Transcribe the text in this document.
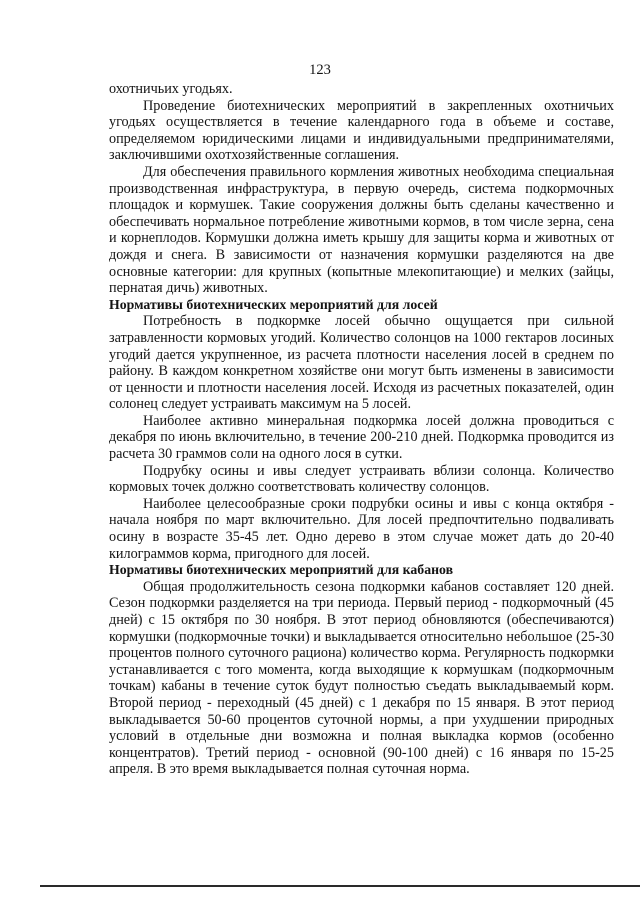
123

охотничьих угодьях.

Проведение биотехнических мероприятий в закрепленных охотничьих угодьях осуществляется в течение календарного года в объеме и составе, определяемом юридическими лицами и индивидуальными предпринимателями, заключившими охотхозяйственные соглашения.

Для обеспечения правильного кормления животных необходима специальная производственная инфраструктура, в первую очередь, система подкормочных площадок и кормушек. Такие сооружения должны быть сделаны качественно и обеспечивать нормальное потребление животными кормов, в том числе зерна, сена и корнеплодов. Кормушки должна иметь крышу для защиты корма и животных от дождя и снега. В зависимости от назначения кормушки разделяются на две основные категории: для крупных (копытные млекопитающие) и мелких (зайцы, пернатая дичь) животных.

Нормативы биотехнических мероприятий для лосей

Потребность в подкормке лосей обычно ощущается при сильной затравленности кормовых угодий. Количество солонцов на 1000 гектаров лосиных угодий дается укрупненное, из расчета плотности населения лосей в среднем по району. В каждом конкретном хозяйстве они могут быть изменены в зависимости от ценности и плотности населения лосей. Исходя из расчетных показателей, один солонец следует устраивать максимум на 5 лосей.

Наиболее активно минеральная подкормка лосей должна проводиться с декабря по июнь включительно, в течение 200-210 дней. Подкормка проводится из расчета 30 граммов соли на одного лося в сутки.

Подрубку осины и ивы следует устраивать вблизи солонца. Количество кормовых точек должно соответствовать количеству солонцов.

Наиболее целесообразные сроки подрубки осины и ивы с конца октября - начала ноября по март включительно. Для лосей предпочтительно подваливать осину в возрасте 35-45 лет. Одно дерево в этом случае может дать до 20-40 килограммов корма, пригодного для лосей.

Нормативы биотехнических мероприятий для кабанов

Общая продолжительность сезона подкормки кабанов составляет 120 дней. Сезон подкормки разделяется на три периода. Первый период - подкормочный (45 дней) с 15 октября по 30 ноября. В этот период обновляются (обеспечиваются) кормушки (подкормочные точки) и выкладывается относительно небольшое (25-30 процентов полного суточного рациона) количество корма. Регулярность подкормки устанавливается с того момента, когда выходящие к кормушкам (подкормочным точкам) кабаны в течение суток будут полностью съедать выкладываемый корм. Второй период - переходный (45 дней) с 1 декабря по 15 января. В этот период выкладывается 50-60 процентов суточной нормы, а при ухудшении природных условий в отдельные дни возможна и полная выкладка кормов (особенно концентратов). Третий период - основной (90-100 дней) с 16 января по 15-25 апреля. В это время выкладывается полная суточная норма.
